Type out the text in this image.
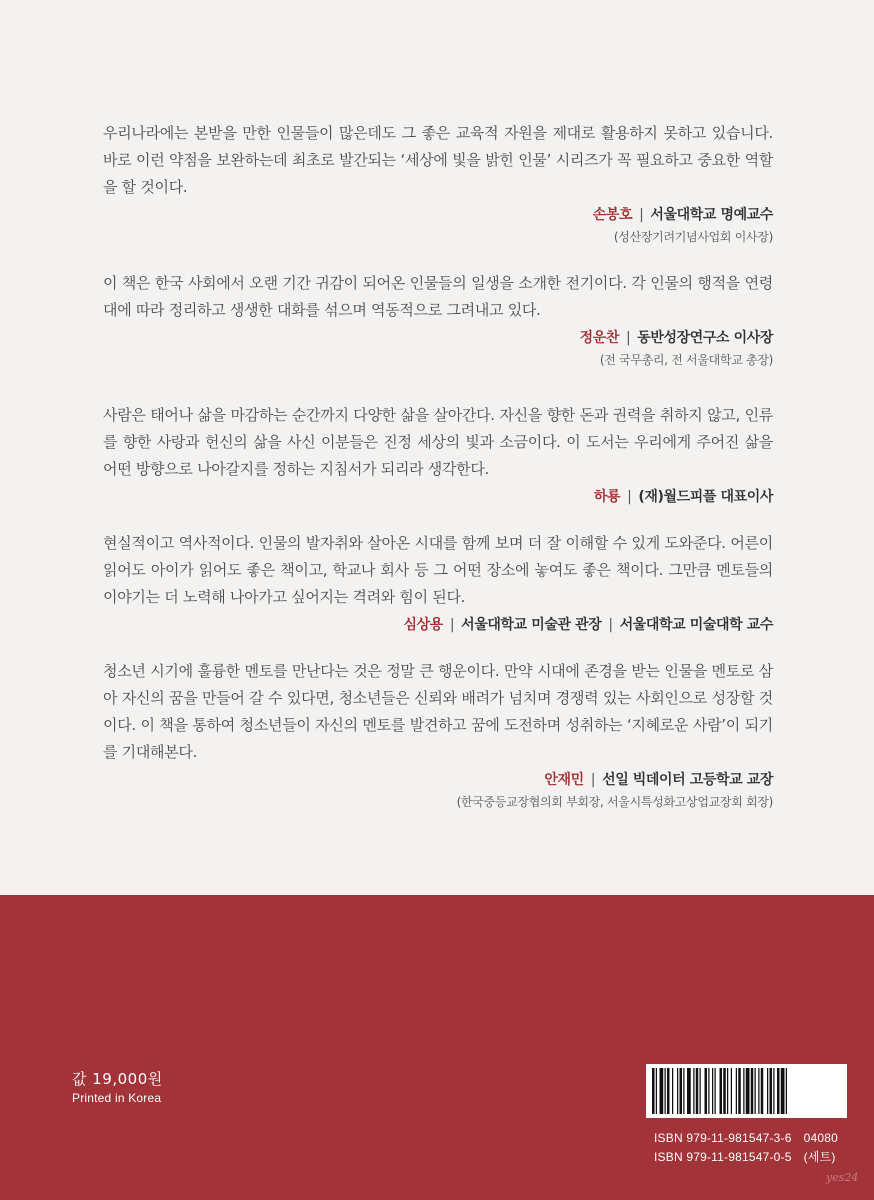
우리나라에는 본받을 만한 인물들이 많은데도 그 좋은 교육적 자원을 제대로 활용하지 못하고 있습니다. 바로 이런 약점을 보완하는데 최초로 발간되는 ‘세상에 빛을 밝힌 인물’ 시리즈가 꼭 필요하고 중요한 역할을 할 것이다.

손봉호 | 서울대학교 명예교수
(성산장기려기념사업회 이사장)

이 책은 한국 사회에서 오랜 기간 귀감이 되어온 인물들의 일생을 소개한 전기이다. 각 인물의 행적을 연령대에 따라 정리하고 생생한 대화를 섞으며 역동적으로 그려내고 있다.

정운찬 | 동반성장연구소 이사장
(전 국무총리, 전 서울대학교 총장)

사람은 태어나 삶을 마감하는 순간까지 다양한 삶을 살아간다. 자신을 향한 돈과 권력을 취하지 않고, 인류를 향한 사랑과 헌신의 삶을 사신 이분들은 진정 세상의 빛과 소금이다. 이 도서는 우리에게 주어진 삶을 어떤 방향으로 나아갈지를 정하는 지침서가 되리라 생각한다.

하룡 | (재)월드피플 대표이사

현실적이고 역사적이다. 인물의 발자취와 살아온 시대를 함께 보며 더 잘 이해할 수 있게 도와준다. 어른이 읽어도 아이가 읽어도 좋은 책이고, 학교나 회사 등 그 어떤 장소에 놓여도 좋은 책이다. 그만큼 멘토들의 이야기는 더 노력해 나아가고 싶어지는 격려와 힘이 된다.

심상용 | 서울대학교 미술관 관장 | 서울대학교 미술대학 교수

청소년 시기에 훌륭한 멘토를 만난다는 것은 정말 큰 행운이다. 만약 시대에 존경을 받는 인물을 멘토로 삼아 자신의 꿈을 만들어 갈 수 있다면, 청소년들은 신뢰와 배려가 넘치며 경쟁력 있는 사회인으로 성장할 것이다. 이 책을 통하여 청소년들이 자신의 멘토를 발견하고 꿈에 도전하며 성취하는 ‘지혜로운 사람’이 되기를 기대해본다.

안재민 | 선일 빅데이터 고등학교 교장
(한국중등교장협의회 부회장, 서울시특성화고상업교장회 회장)
값 19,000원
Printed in Korea
ISBN 979-11-981547-3-6 04080
ISBN 979-11-981547-0-5 (세트)
yes24
